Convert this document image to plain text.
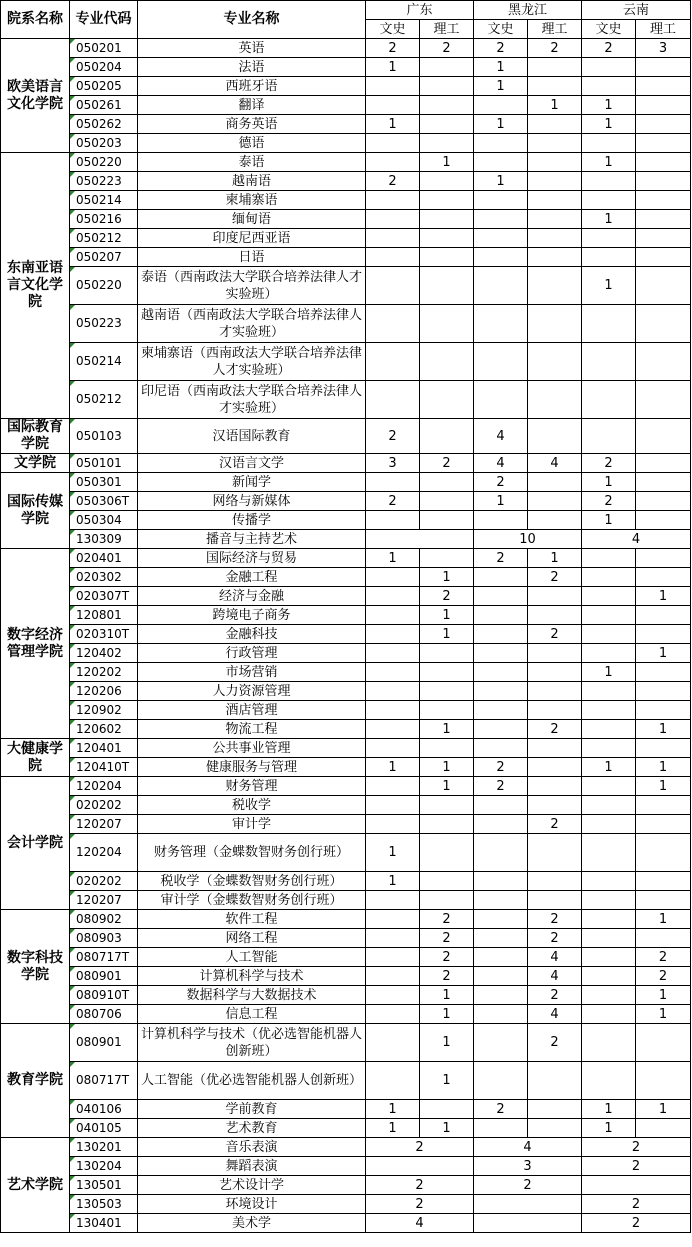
院系名称	专业代码	专业名称	广东		黑龙江		云南	
			文史	理工	文史	理工	文史	理工
欧美语言 文化学院	050201	英语	2	2	2	2	2	3
	050204	法语	1		1			
	050205	西班牙语			1			
	050261	翻译				1	1	
	050262	商务英语	1		1		1	
	050203	德语						
东南亚语言文化学院	050220	泰语		1			1	
	050223	越南语	2		1			
	050214	柬埔寨语						
	050216	缅甸语					1	
	050212	印度尼西亚语						
	050207	日语						
	050220	泰语（西南政法大学联合培养法律人才实验班）					1	
	050223	越南语（西南政法大学联合培养法律人才实验班）						
	050214	柬埔寨语（西南政法大学联合培养法律人才实验班）						
	050212	印尼语（西南政法大学联合培养法律人才实验班）						
国际教育学院	050103	汉语国际教育	2		4			
文学院	050101	汉语言文学	3	2	4	4	2	
国际传媒学院	050301	新闻学			2		1	
	050306T	网络与新媒体	2		1		2	
	050304	传播学					1	
	130309	播音与主持艺术			10		4	
数字经济管理学院	020401	国际经济与贸易	1		2	1		
	020302	金融工程		1		2		
	020307T	经济与金融		2				1
	120801	跨境电子商务		1				
	020310T	金融科技		1		2		
	120402	行政管理						1
	120202	市场营销					1	
	120206	人力资源管理						
	120902	酒店管理						
	120602	物流工程		1		2		1
大健康学院	120401	公共事业管理						
	120410T	健康服务与管理	1	1	2		1	1
会计学院	120204	财务管理		1	2			1
	020202	税收学						
	120207	审计学				2		
	120204	财务管理（金蝶数智财务创行班）	1					
	020202	税收学（金蝶数智财务创行班）	1					
	120207	审计学（金蝶数智财务创行班）						
数字科技学院	080902	软件工程		2		2		1
	080903	网络工程		2		2		
	080717T	人工智能		2		4		2
	080901	计算机科学与技术		2		4		2
	080910T	数据科学与大数据技术		1		2		1
	080706	信息工程		1		4		1
教育学院	080901	计算机科学与技术（优必选智能机器人创新班）		1		2		
	080717T	人工智能（优必选智能机器人创新班）		1				
	040106	学前教育	1		2		1	1
	040105	艺术教育	1	1			1	
艺术学院	130201	音乐表演	2		4		2	
	130204	舞蹈表演			3		2	
	130501	艺术设计学	2		2			
	130503	环境设计	2				2	
	130401	美术学	4				2	
